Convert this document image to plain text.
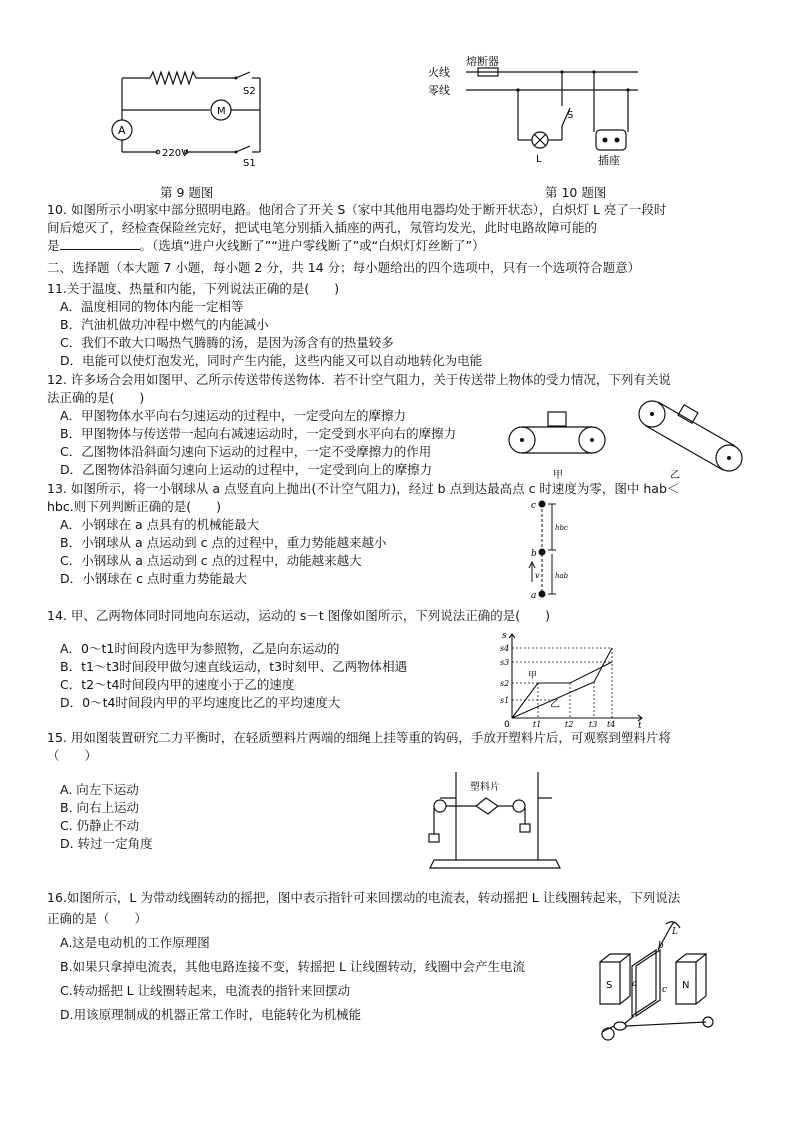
S2
M
A
220V
S1
第 9 题图
熔断器
火线
零线
S
L	插座
第 10 题图
10. 如图所示小明家中部分照明电路。他闭合了开关 S（家中其他用电器均处于断开状态），白炽灯 L 亮了一段时
间后熄灭了，经检查保险丝完好，把试电笔分别插入插座的两孔，氖管均发光，此时电路故障可能的
是	。（选填“进户火线断了”“进户零线断了”或“白炽灯灯丝断了”）
二、选择题（本大题 7 小题，每小题 2 分，共 14 分；每小题给出的四个选项中，只有一个选项符合题意）
11.关于温度、热量和内能，下列说法正确的是(　　)
A．温度相同的物体内能一定相等
B．汽油机做功冲程中燃气的内能减小
C．我们不敢大口喝热气腾腾的汤，是因为汤含有的热量较多
D．电能可以使灯泡发光，同时产生内能，这些内能又可以自动地转化为电能
12. 许多场合会用如图甲、乙所示传送带传送物体．若不计空气阻力，关于传送带上物体的受力情况，下列有关说
法正确的是(　　)
A．甲图物体水平向右匀速运动的过程中，一定受向左的摩擦力
B．甲图物体与传送带一起向右减速运动时，一定受到水平向右的摩擦力
C．乙图物体沿斜面匀速向下运动的过程中，一定不受摩擦力的作用
D．乙图物体沿斜面匀速向上运动的过程中，一定受到向上的摩擦力	甲	乙
13. 如图所示，将一小钢球从 a 点竖直向上抛出(不计空气阻力)，经过 b 点到达最高点 c 时速度为零，图中 hab＜
hbc.则下列判断正确的是(　　)
A．小钢球在 a 点具有的机械能最大
B．小钢球从 a 点运动到 c 点的过程中，重力势能越来越小
C．小钢球从 a 点运动到 c 点的过程中，动能越来越大
D．小钢球在 c 点时重力势能最大
c
b
a
v
hbc
hab
14. 甲、乙两物体同时同地向东运动，运动的 s－t 图像如图所示，下列说法正确的是(　　)
A．0～t1时间段内选甲为参照物，乙是向东运动的
B．t1～t3时间段甲做匀速直线运动，t3时刻甲、乙两物体相遇
C．t2～t4时间段内甲的速度小于乙的速度
D．0～t4时间段内甲的平均速度比乙的平均速度大
s
t
0
s1
s2
s3
s4
t1	t2 t3 t4
甲
乙
15. 用如图装置研究二力平衡时，在轻质塑料片两端的细绳上挂等重的钩码，手放开塑料片后，可观察到塑料片将
（　　）
A. 向左下运动
B. 向右上运动
C. 仍静止不动
D. 转过一定角度
塑料片
16.如图所示，L 为带动线圈转动的摇把，图中表示指针可来回摆动的电流表，转动摇把 L 让线圈转起来，下列说法
正确的是（　　）
A.这是电动机的工作原理图
B.如果只拿掉电流表，其他电路连接不变，转摇把 L 让线圈转动，线圈中会产生电流
C.转动摇把 L 让线圈转起来，电流表的指针来回摆动
D.用该原理制成的机器正常工作时，电能转化为机械能
S	N
a
b
c
L
